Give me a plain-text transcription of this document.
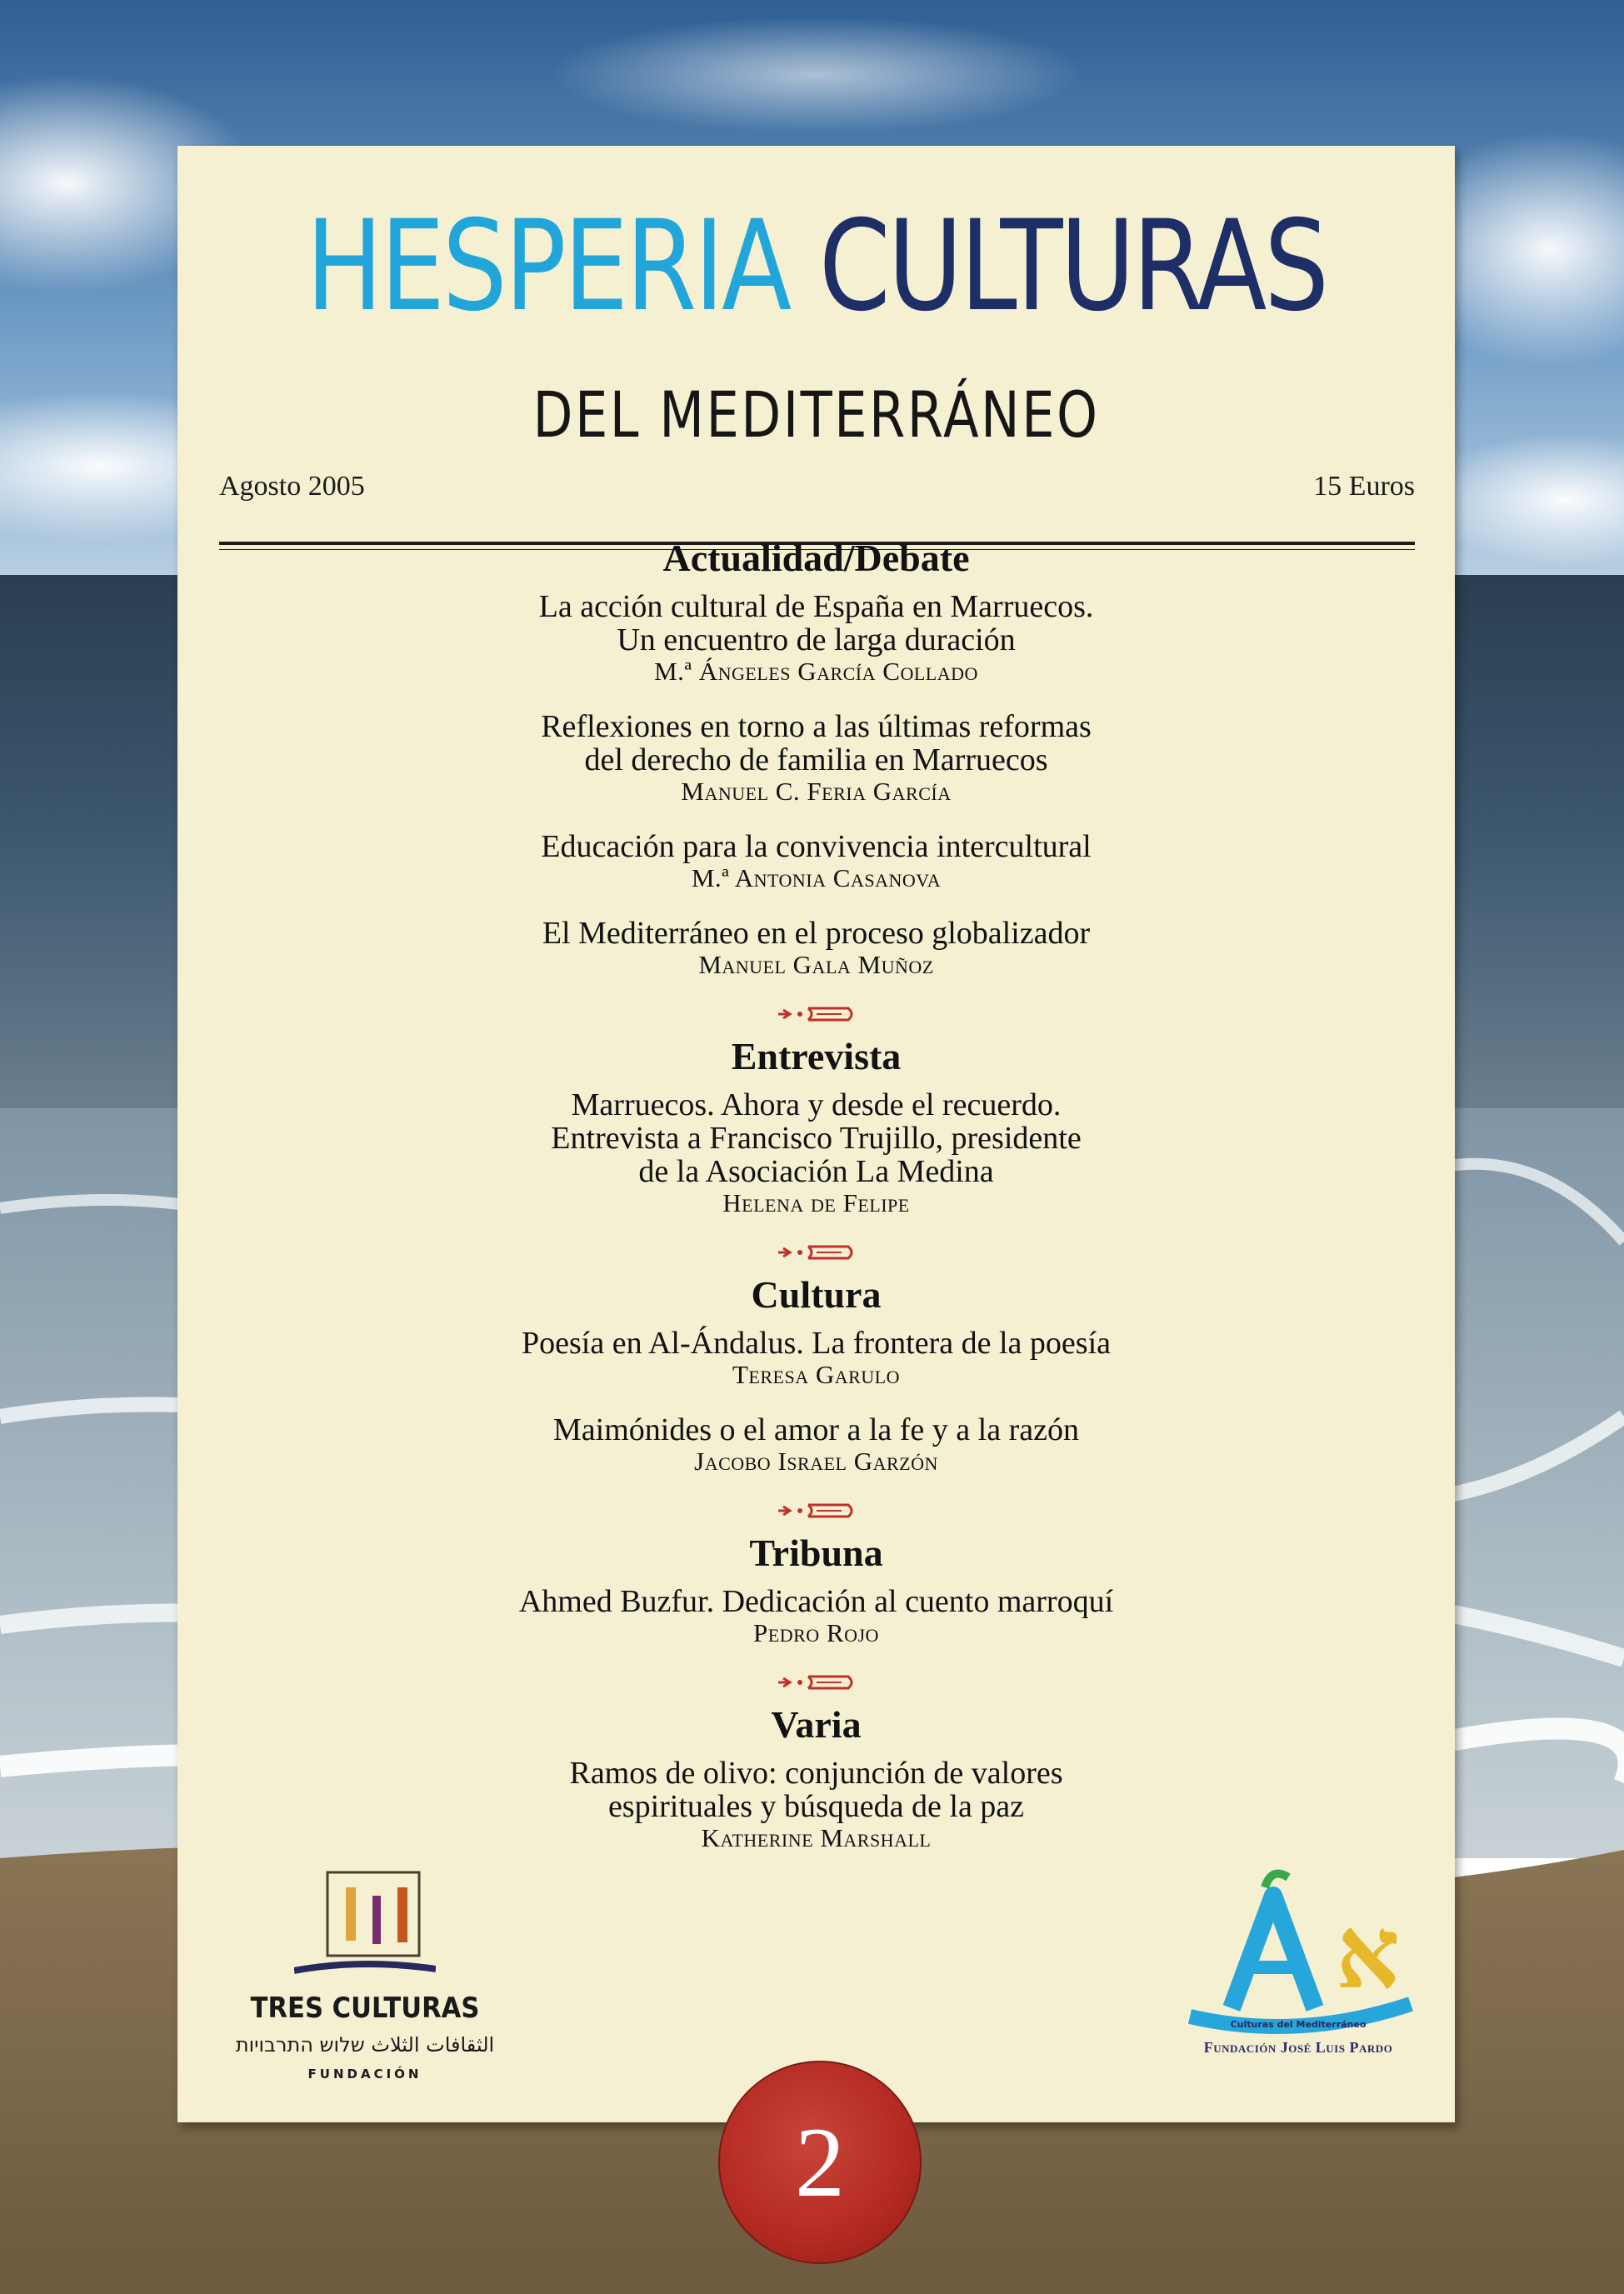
HESPERIA CULTURAS
DEL MEDITERRÁNEO
Agosto 2005	15 Euros
Actualidad/Debate
La acción cultural de España en Marruecos.
Un encuentro de larga duración
M.ª Ángeles García Collado
Reflexiones en torno a las últimas reformas
del derecho de familia en Marruecos
Manuel C. Feria García
Educación para la convivencia intercultural
M.ª Antonia Casanova
El Mediterráneo en el proceso globalizador
Manuel Gala Muñoz
Entrevista
Marruecos. Ahora y desde el recuerdo.
Entrevista a Francisco Trujillo, presidente
de la Asociación La Medina
Helena de Felipe
Cultura
Poesía en Al-Ándalus. La frontera de la poesía
Teresa Garulo
Maimónides o el amor a la fe y a la razón
Jacobo Israel Garzón
Tribuna
Ahmed Buzfur. Dedicación al cuento marroquí
Pedro Rojo
Varia
Ramos de olivo: conjunción de valores
espirituales y búsqueda de la paz
Katherine Marshall
TRES CULTURAS
الثقافات الثلاث שלוש התרבויות
FUNDACIÓN
א
Culturas del Mediterráneo
Fundación José Luis Pardo
2
